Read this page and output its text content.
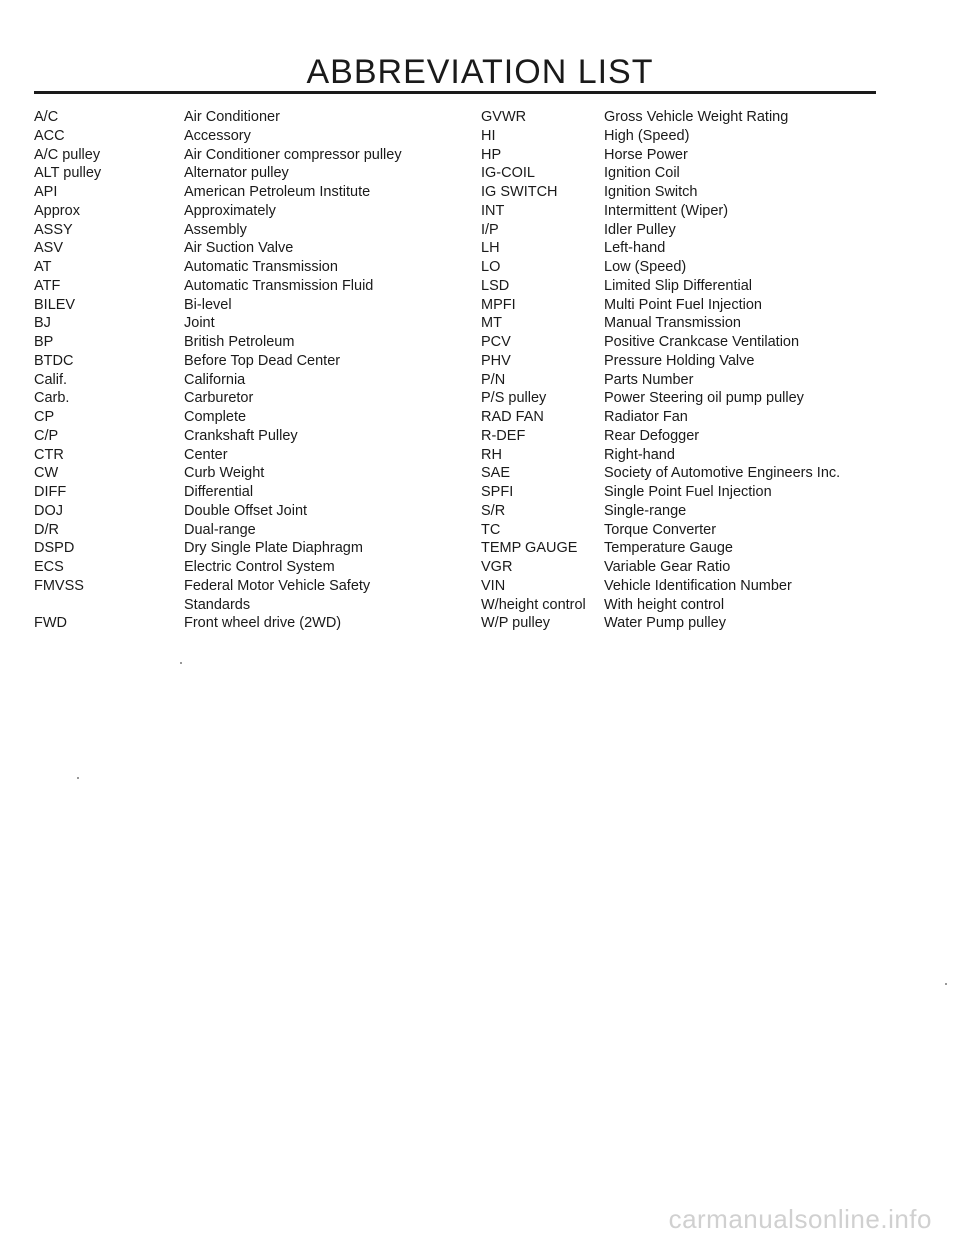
ABBREVIATION LIST
A/C	Air Conditioner
ACC	Accessory
A/C pulley	Air Conditioner compressor pulley
ALT pulley	Alternator pulley
API	American Petroleum Institute
Approx	Approximately
ASSY	Assembly
ASV	Air Suction Valve
AT	Automatic Transmission
ATF	Automatic Transmission Fluid
BILEV	Bi-level
BJ	Joint
BP	British Petroleum
BTDC	Before Top Dead Center
Calif.	California
Carb.	Carburetor
CP	Complete
C/P	Crankshaft Pulley
CTR	Center
CW	Curb Weight
DIFF	Differential
DOJ	Double Offset Joint
D/R	Dual-range
DSPD	Dry Single Plate Diaphragm
ECS	Electric Control System
FMVSS	Federal Motor Vehicle Safety
Standards
FWD	Front wheel drive (2WD)
GVWR	Gross Vehicle Weight Rating
HI	High (Speed)
HP	Horse Power
IG-COIL	Ignition Coil
IG SWITCH	Ignition Switch
INT	Intermittent (Wiper)
I/P	Idler Pulley
LH	Left-hand
LO	Low (Speed)
LSD	Limited Slip Differential
MPFI	Multi Point Fuel Injection
MT	Manual Transmission
PCV	Positive Crankcase Ventilation
PHV	Pressure Holding Valve
P/N	Parts Number
P/S pulley	Power Steering oil pump pulley
RAD FAN	Radiator Fan
R-DEF	Rear Defogger
RH	Right-hand
SAE	Society of Automotive Engineers Inc.
SPFI	Single Point Fuel Injection
S/R	Single-range
TC	Torque Converter
TEMP GAUGE	Temperature Gauge
VGR	Variable Gear Ratio
VIN	Vehicle Identification Number
W/height control	With height control
W/P pulley	Water Pump pulley
carmanualsonline.info
